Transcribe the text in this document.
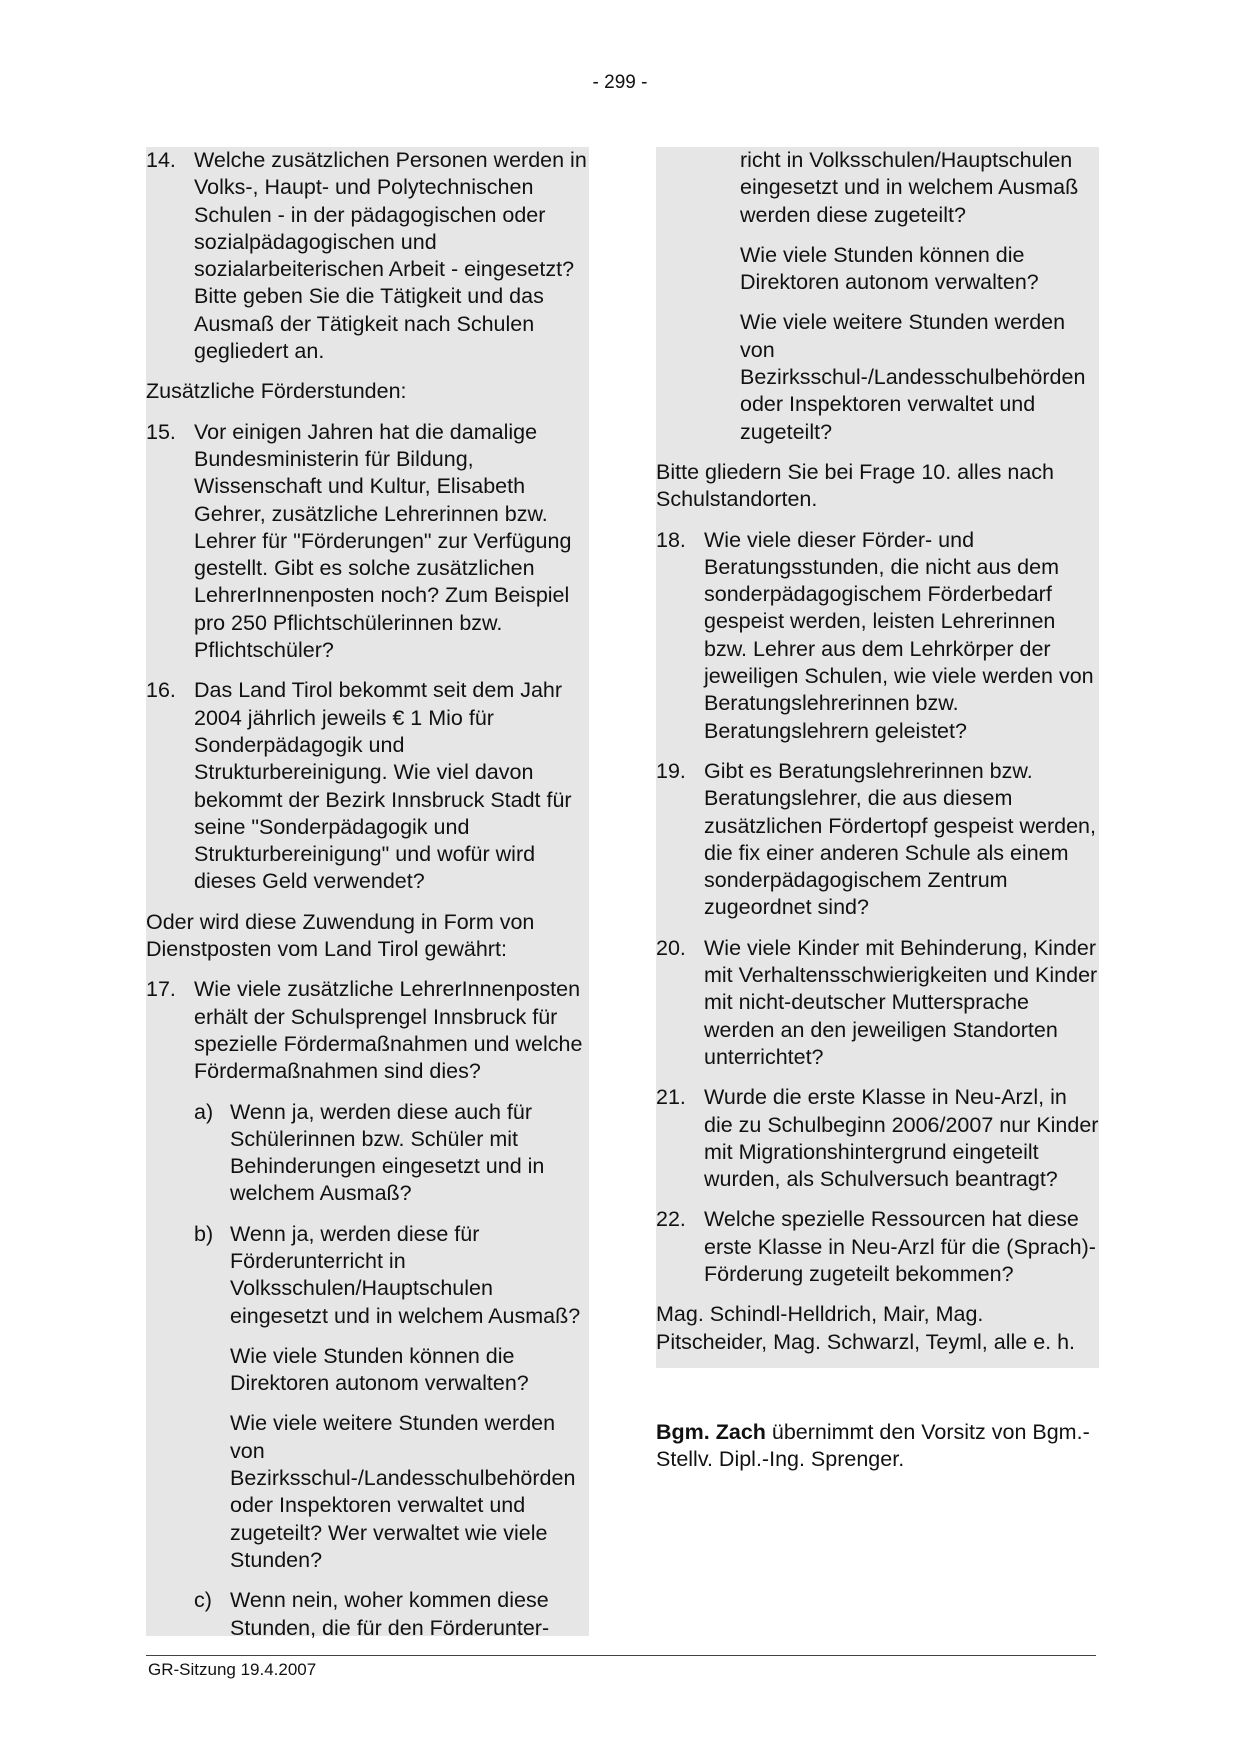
- 299 -
14. Welche zusätzlichen Personen werden in Volks-, Haupt- und Polytechnischen Schulen - in der pädagogischen oder sozialpädagogischen und sozialarbeiterischen Arbeit - eingesetzt? Bitte geben Sie die Tätigkeit und das Ausmaß der Tätigkeit nach Schulen gegliedert an.

Zusätzliche Förderstunden:

15. Vor einigen Jahren hat die damalige Bundesministerin für Bildung, Wissenschaft und Kultur, Elisabeth Gehrer, zusätzliche Lehrerinnen bzw. Lehrer für "Förderungen" zur Verfügung gestellt. Gibt es solche zusätzlichen LehrerInnenposten noch? Zum Beispiel pro 250 Pflichtschülerinnen bzw. Pflichtschüler?
16. Das Land Tirol bekommt seit dem Jahr 2004 jährlich jeweils € 1 Mio für Sonderpädagogik und Strukturbereinigung. Wie viel davon bekommt der Bezirk Innsbruck Stadt für seine "Sonderpädagogik und Strukturbereinigung" und wofür wird dieses Geld verwendet?

Oder wird diese Zuwendung in Form von Dienstposten vom Land Tirol gewährt:

17. Wie viele zusätzliche LehrerInnenposten erhält der Schulsprengel Innsbruck für spezielle Fördermaßnahmen und welche Fördermaßnahmen sind dies?
a) Wenn ja, werden diese auch für Schülerinnen bzw. Schüler mit Behinderungen eingesetzt und in welchem Ausmaß?
b) Wenn ja, werden diese für Förderunterricht in Volksschulen/Hauptschulen eingesetzt und in welchem Ausmaß?

Wie viele Stunden können die Direktoren autonom verwalten?

Wie viele weitere Stunden werden von Bezirksschul-/Landesschulbehörden oder Inspektoren verwaltet und zugeteilt? Wer verwaltet wie viele Stunden?

c) Wenn nein, woher kommen diese Stunden, die für den Förderunter-

richt in Volksschulen/Hauptschulen eingesetzt und in welchem Ausmaß werden diese zugeteilt?

Wie viele Stunden können die Direktoren autonom verwalten?

Wie viele weitere Stunden werden von Bezirksschul-/Landesschulbehörden oder Inspektoren verwaltet und zugeteilt?

Bitte gliedern Sie bei Frage 10. alles nach Schulstandorten.

18. Wie viele dieser Förder- und Beratungsstunden, die nicht aus dem sonderpädagogischem Förderbedarf gespeist werden, leisten Lehrerinnen bzw. Lehrer aus dem Lehrkörper der jeweiligen Schulen, wie viele werden von Beratungslehrerinnen bzw. Beratungslehrern geleistet?
19. Gibt es Beratungslehrerinnen bzw. Beratungslehrer, die aus diesem zusätzlichen Fördertopf gespeist werden, die fix einer anderen Schule als einem sonderpädagogischem Zentrum zugeordnet sind?
20. Wie viele Kinder mit Behinderung, Kinder mit Verhaltensschwierigkeiten und Kinder mit nicht-deutscher Muttersprache werden an den jeweiligen Standorten unterrichtet?
21. Wurde die erste Klasse in Neu-Arzl, in die zu Schulbeginn 2006/2007 nur Kinder mit Migrationshintergrund eingeteilt wurden, als Schulversuch beantragt?
22. Welche spezielle Ressourcen hat diese erste Klasse in Neu-Arzl für die (Sprach)-Förderung zugeteilt bekommen?

Mag. Schindl-Helldrich, Mair, Mag. Pitscheider, Mag. Schwarzl, Teyml, alle e. h.

Bgm. Zach übernimmt den Vorsitz von Bgm.-Stellv. Dipl.-Ing. Sprenger.
GR-Sitzung 19.4.2007
